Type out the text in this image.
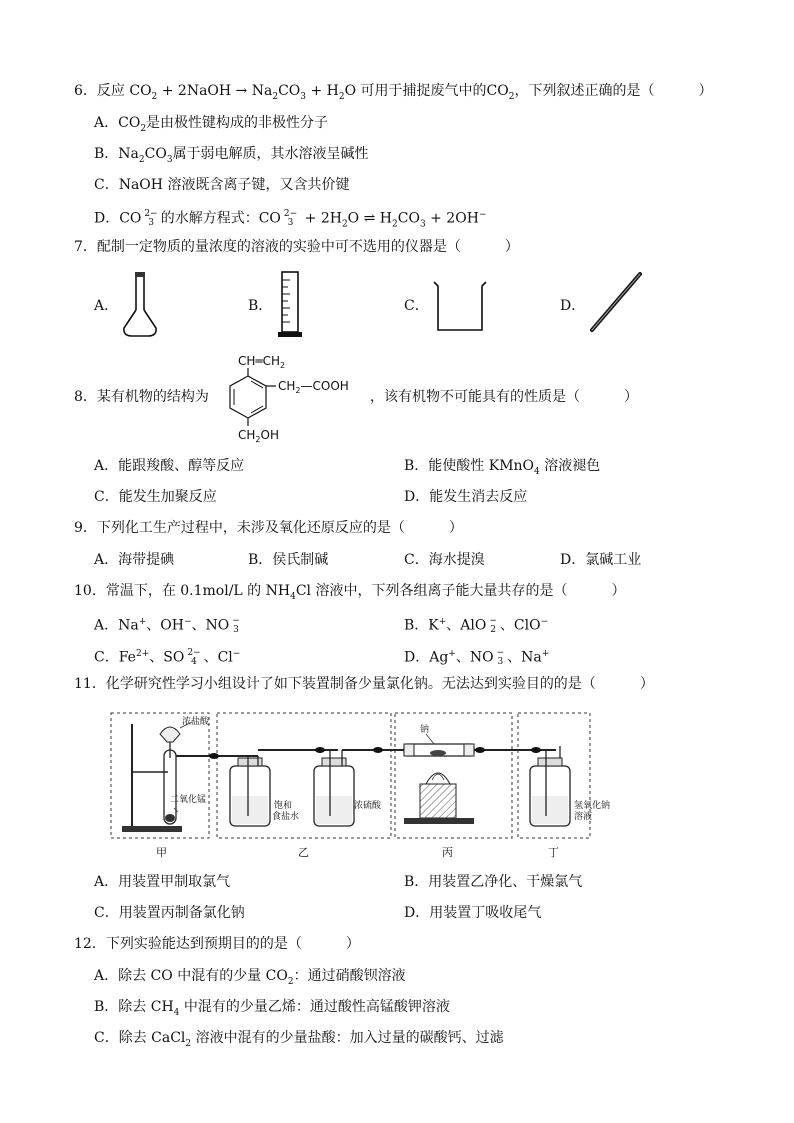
6．反应 $CO_2$ + 2NaOH → $Na_2CO_3 + H_2O$ 可用于捕捉废气中的$CO_2$，下列叙述正确的是（	）
A．$CO_2$是由极性键构成的非极性分子
B．$Na_2CO_3$属于弱电解质，其水溶液呈碱性
C．NaOH 溶液既含离子键，又含共价键
D．CO 2−
3 的水解方程式：CO 2−
$3 + 2H_2O$ ⇌ $H_2CO_3 + 2OH^-$
7．配制一定物质的量浓度的溶液的实验中可不选用的仪器是（	）
A．	B．	C．	D．
8．某有机物的结构为
$CH═CH_2$
$CH_2—COOH$
$CH_2OH$
，该有机物不可能具有的性质是（	）
A．能跟羧酸、醇等反应	B．能使酸性 KMnO$_4$ 溶液褪色
C．能发生加聚反应	D．能发生消去反应
9．下列化工生产过程中，未涉及氧化还原反应的是（	）
A．海带提碘	B．侯氏制碱	C．海水提溴	D．氯碱工业
10．常温下，在 0.1mol/L 的 $NH_4Cl$ 溶液中，下列各组离子能大量共存的是（	）
A．Na+、OH−、NO −
3	B．K+、AlO −
2 、ClO−
C．$Fe^{2+}$、SO 2−
4 、Cl−	D．Ag+、NO −
3 、Na+
11．化学研究性学习小组设计了如下装置制备少量氯化钠。无法达到实验目的的是（	）
浓盐酸
二氧化锰
饱和
食盐水
浓硫酸
钠
氢氧化钠
溶液
甲	乙	丙	丁
A．用装置甲制取氯气	B．用装置乙净化、干燥氯气
C．用装置丙制备氯化钠	D．用装置丁吸收尾气
12．下列实验能达到预期目的的是（	）
A．除去 CO 中混有的少量 $CO_2$：通过硝酸钡溶液
B．除去 $CH_4$ 中混有的少量乙烯：通过酸性高锰酸钾溶液
C．除去 CaCl$_2$ 溶液中混有的少量盐酸：加入过量的碳酸钙、过滤
